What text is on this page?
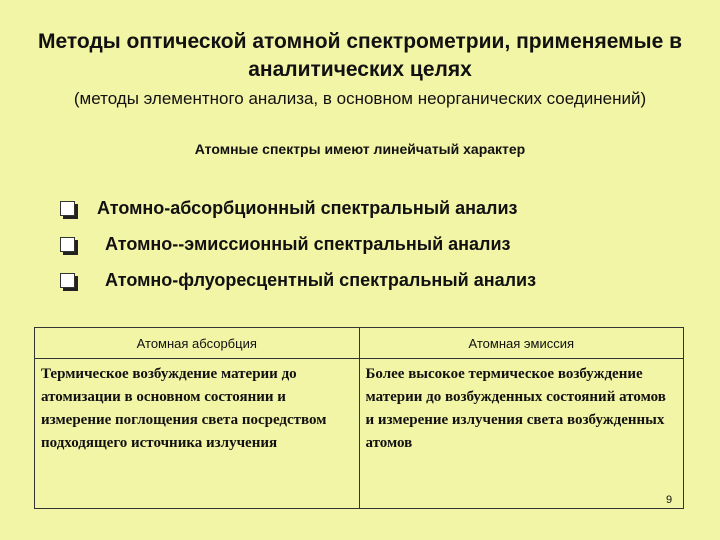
Методы оптической атомной спектрометрии, применяемые в аналитических целях
(методы элементного анализа, в основном неорганических соединений)
Атомные спектры имеют линейчатый характер
Атомно-абсорбционный спектральный анализ
Атомно--эмиссионный спектральный анализ
Атомно-флуоресцентный спектральный анализ
Атомная абсорбция	Атомная эмиссия
Термическое возбуждение материи до атомизации в основном состоянии и измерение поглощения света посредством подходящего источника излучения	Более высокое термическое возбуждение материи до возбужденных состояний атомов и измерение излучения света возбужденных атомов
9
